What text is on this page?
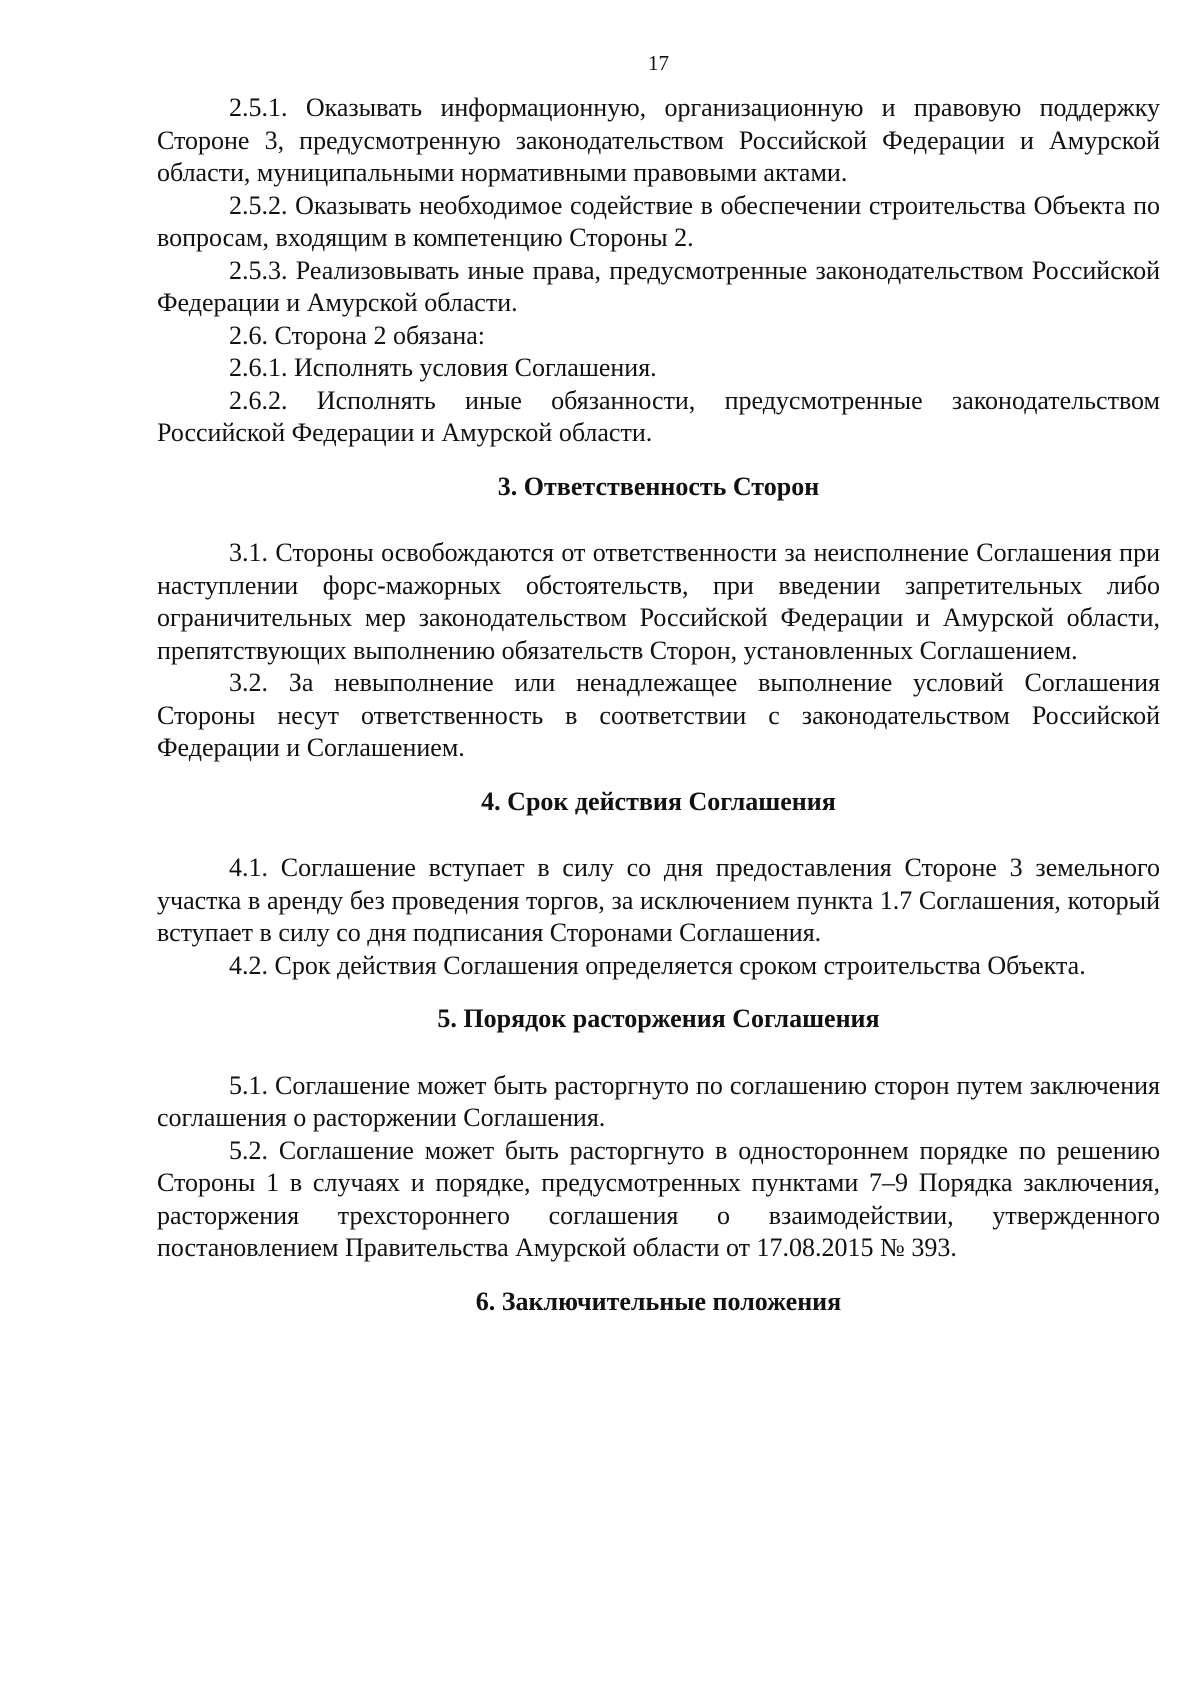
17

2.5.1. Оказывать информационную, организационную и правовую поддержку Стороне 3, предусмотренную законодательством Российской Федерации и Амурской области, муниципальными нормативными правовыми актами.

2.5.2. Оказывать необходимое содействие в обеспечении строительства Объекта по вопросам, входящим в компетенцию Стороны 2.

2.5.3. Реализовывать иные права, предусмотренные законодательством Российской Федерации и Амурской области.

2.6. Сторона 2 обязана:

2.6.1. Исполнять условия Соглашения.

2.6.2. Исполнять иные обязанности, предусмотренные законодательством Российской Федерации и Амурской области.

3. Ответственность Сторон

3.1. Стороны освобождаются от ответственности за неисполнение Соглашения при наступлении форс-мажорных обстоятельств, при введении запретительных либо ограничительных мер законодательством Российской Федерации и Амурской области, препятствующих выполнению обязательств Сторон, установленных Соглашением.

3.2. За невыполнение или ненадлежащее выполнение условий Соглашения Стороны несут ответственность в соответствии с законодательством Российской Федерации и Соглашением.

4. Срок действия Соглашения

4.1. Соглашение вступает в силу со дня предоставления Стороне 3 земельного участка в аренду без проведения торгов, за исключением пункта 1.7 Соглашения, который вступает в силу со дня подписания Сторонами Соглашения.

4.2. Срок действия Соглашения определяется сроком строительства Объекта.

5. Порядок расторжения Соглашения

5.1. Соглашение может быть расторгнуто по соглашению сторон путем заключения соглашения о расторжении Соглашения.

5.2. Соглашение может быть расторгнуто в одностороннем порядке по решению Стороны 1 в случаях и порядке, предусмотренных пунктами 7–9 Порядка заключения, расторжения трехстороннего соглашения о взаимодействии, утвержденного постановлением Правительства Амурской области от 17.08.2015 № 393.

6. Заключительные положения
